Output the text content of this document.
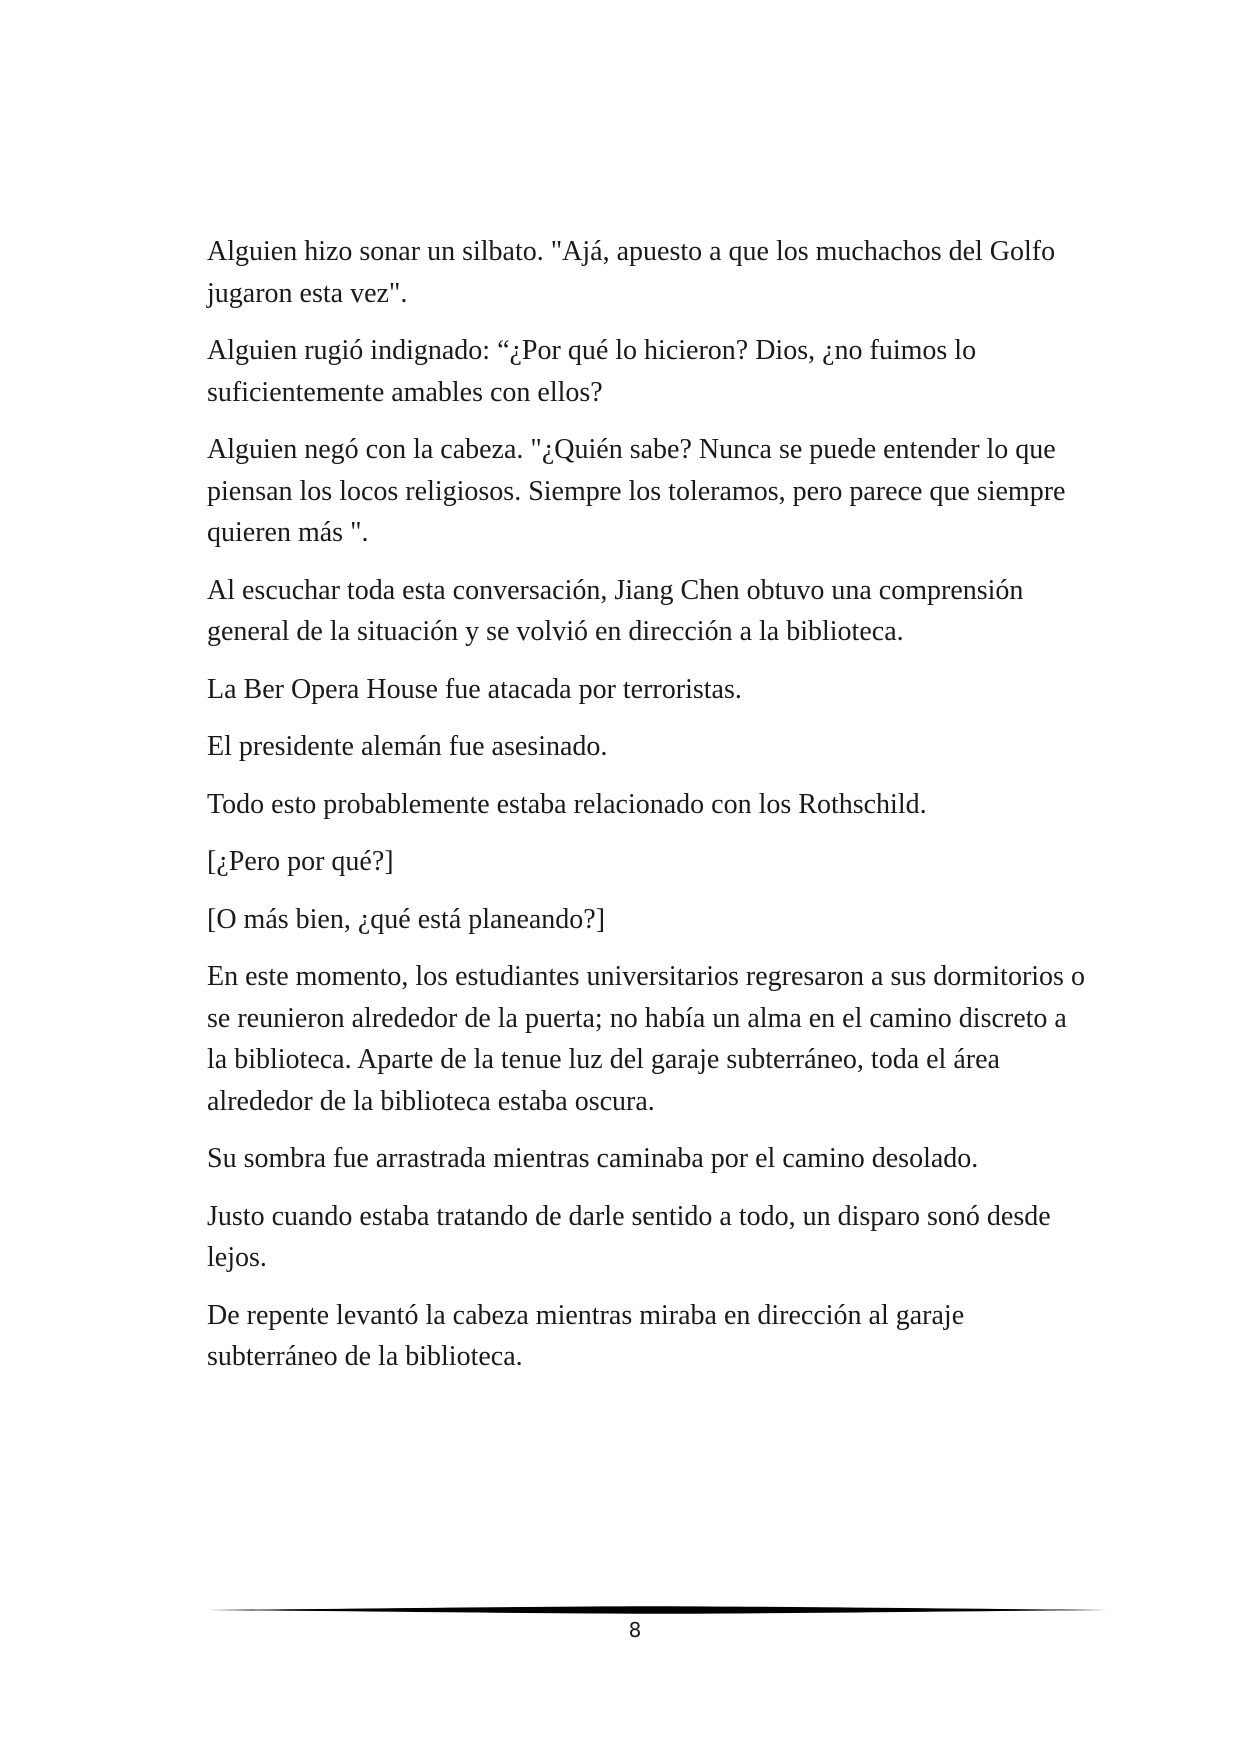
Alguien hizo sonar un silbato. "Ajá, apuesto a que los muchachos del Golfo jugaron esta vez".

Alguien rugió indignado: “¿Por qué lo hicieron? Dios, ¿no fuimos lo suficientemente amables con ellos?

Alguien negó con la cabeza. "¿Quién sabe? Nunca se puede entender lo que piensan los locos religiosos. Siempre los toleramos, pero parece que siempre quieren más ".

Al escuchar toda esta conversación, Jiang Chen obtuvo una comprensión general de la situación y se volvió en dirección a la biblioteca.

La Ber Opera House fue atacada por terroristas.

El presidente alemán fue asesinado.

Todo esto probablemente estaba relacionado con los Rothschild.

[¿Pero por qué?]

[O más bien, ¿qué está planeando?]

En este momento, los estudiantes universitarios regresaron a sus dormitorios o se reunieron alrededor de la puerta; no había un alma en el camino discreto a la biblioteca. Aparte de la tenue luz del garaje subterráneo, toda el área alrededor de la biblioteca estaba oscura.

Su sombra fue arrastrada mientras caminaba por el camino desolado.

Justo cuando estaba tratando de darle sentido a todo, un disparo sonó desde lejos.

De repente levantó la cabeza mientras miraba en dirección al garaje subterráneo de la biblioteca.

8
